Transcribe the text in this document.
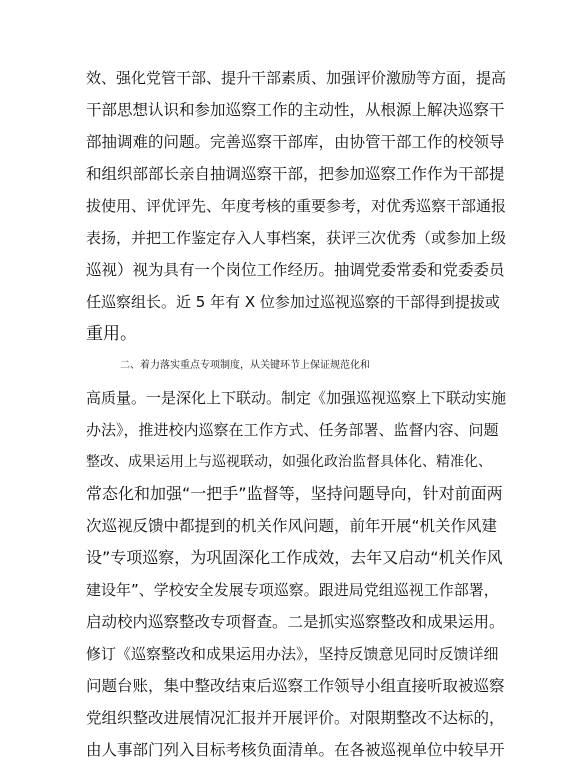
效、强化党管干部、提升干部素质、加强评价激励等方面，提高
干部思想认识和参加巡察工作的主动性，从根源上解决巡察干
部抽调难的问题。完善巡察干部库，由协管干部工作的校领导
和组织部部长亲自抽调巡察干部，把参加巡察工作作为干部提
拔使用、评优评先、年度考核的重要参考，对优秀巡察干部通报
表扬，并把工作鉴定存入人事档案，获评三次优秀（或参加上级
巡视）视为具有一个岗位工作经历。抽调党委常委和党委委员
任巡察组长。近 5 年有 X 位参加过巡视巡察的干部得到提拔或
重用。
二、着力落实重点专项制度，从关键环节上保证规范化和
高质量。一是深化上下联动。制定《加强巡视巡察上下联动实施
办法》，推进校内巡察在工作方式、任务部署、监督内容、问题
整改、成果运用上与巡视联动，如强化政治监督具体化、精准化、
常态化和加强“一把手”监督等，坚持问题导向，针对前面两
次巡视反馈中都提到的机关作风问题，前年开展“机关作风建
设”专项巡察，为巩固深化工作成效，去年又启动“机关作风
建设年”、学校安全发展专项巡察。跟进局党组巡视工作部署，
启动校内巡察整改专项督查。二是抓实巡察整改和成果运用。
修订《巡察整改和成果运用办法》，坚持反馈意见同时反馈详细
问题台账，集中整改结束后巡察工作领导小组直接听取被巡察
党组织整改进展情况汇报并开展评价。对限期整改不达标的，
由人事部门列入目标考核负面清单。在各被巡视单位中较早开
